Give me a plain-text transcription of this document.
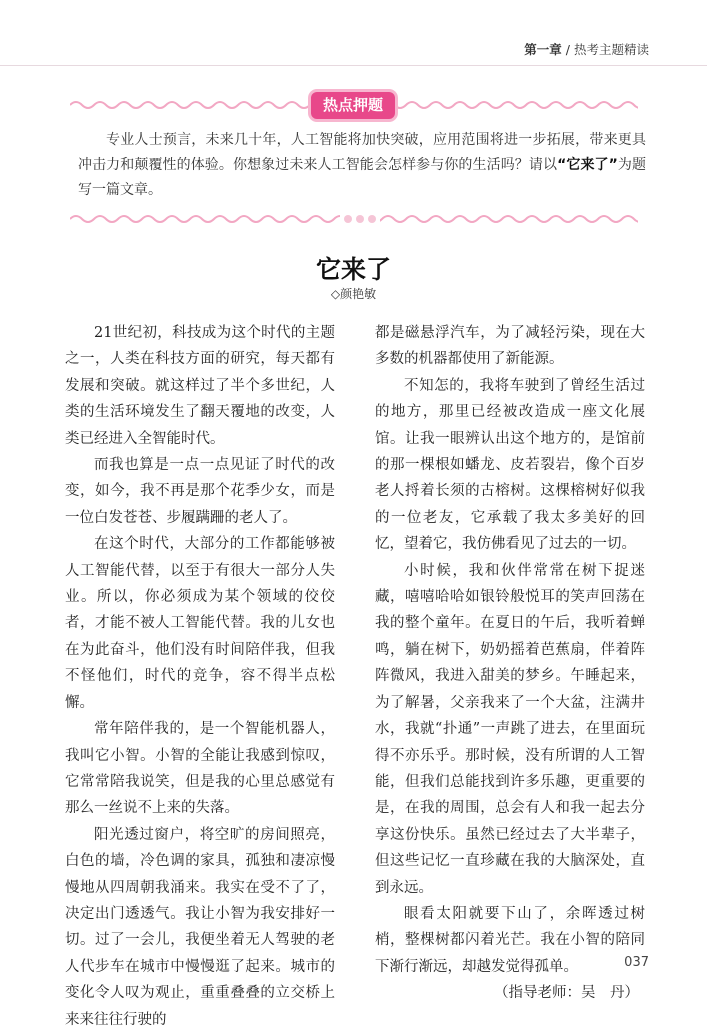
第一章 / 热考主题精读
热点押题
专业人士预言，未来几十年，人工智能将加快突破，应用范围将进一步拓展，带来更具冲击力和颠覆性的体验。你想象过未来人工智能会怎样参与你的生活吗？请以“它来了”为题写一篇文章。
它来了
◇颜艳敏

21世纪初，科技成为这个时代的主题之一，人类在科技方面的研究，每天都有发展和突破。就这样过了半个多世纪，人类的生活环境发生了翻天覆地的改变，人类已经进入全智能时代。

而我也算是一点一点见证了时代的改变，如今，我不再是那个花季少女，而是一位白发苍苍、步履蹒跚的老人了。

在这个时代，大部分的工作都能够被人工智能代替，以至于有很大一部分人失业。所以，你必须成为某个领域的佼佼者，才能不被人工智能代替。我的儿女也在为此奋斗，他们没有时间陪伴我，但我不怪他们，时代的竞争，容不得半点松懈。

常年陪伴我的，是一个智能机器人，我叫它小智。小智的全能让我感到惊叹，它常常陪我说笑，但是我的心里总感觉有那么一丝说不上来的失落。

阳光透过窗户，将空旷的房间照亮，白色的墙，冷色调的家具，孤独和凄凉慢慢地从四周朝我涌来。我实在受不了了，决定出门透透气。我让小智为我安排好一切。过了一会儿，我便坐着无人驾驶的老人代步车在城市中慢慢逛了起来。城市的变化令人叹为观止，重重叠叠的立交桥上来来往往行驶的

都是磁悬浮汽车，为了减轻污染，现在大多数的机器都使用了新能源。

不知怎的，我将车驶到了曾经生活过的地方，那里已经被改造成一座文化展馆。让我一眼辨认出这个地方的，是馆前的那一棵根如蟠龙、皮若裂岩，像个百岁老人捋着长须的古榕树。这棵榕树好似我的一位老友，它承载了我太多美好的回忆，望着它，我仿佛看见了过去的一切。

小时候，我和伙伴常常在树下捉迷藏，嘻嘻哈哈如银铃般悦耳的笑声回荡在我的整个童年。在夏日的午后，我听着蝉鸣，躺在树下，奶奶摇着芭蕉扇，伴着阵阵微风，我进入甜美的梦乡。午睡起来，为了解暑，父亲我来了一个大盆，注满井水，我就“扑通”一声跳了进去，在里面玩得不亦乐乎。那时候，没有所谓的人工智能，但我们总能找到许多乐趣，更重要的是，在我的周围，总会有人和我一起去分享这份快乐。虽然已经过去了大半辈子，但这些记忆一直珍藏在我的大脑深处，直到永远。

眼看太阳就要下山了，余晖透过树梢，整棵树都闪着光芒。我在小智的陪同下渐行渐远，却越发觉得孤单。

（指导老师：吴　丹）

037
